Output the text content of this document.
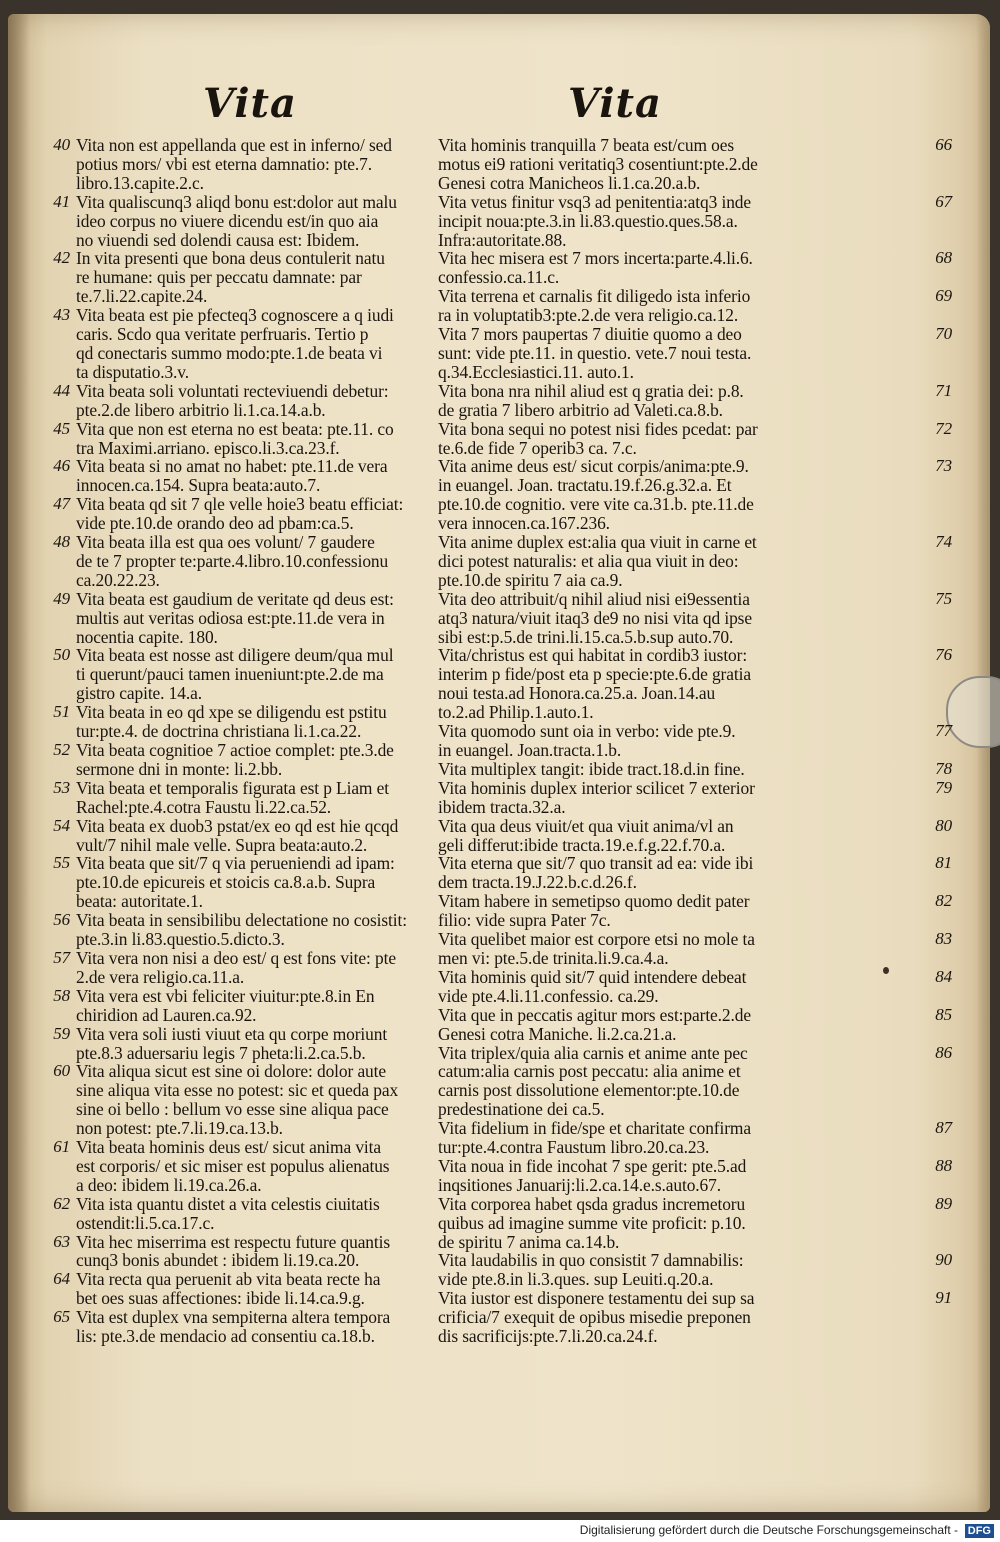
Vita	Vita
40 Vita non est appellanda que est in inferno/ sed
potius mors/ vbi est eterna damnatio: pte.7.
libro.13.capite.2.c.
41 Vita qualiscunq3 aliqd bonu est:dolor aut malu
ideo corpus no viuere dicendu est/in quo aia
no viuendi sed dolendi causa est: Ibidem.
42 In vita presenti que bona deus contulerit natu
re humane: quis per peccatu damnate: par
te.7.li.22.capite.24.
43 Vita beata est pie pfecteq3 cognoscere a q iudi
caris. Scdo qua veritate perfruaris. Tertio p
qd conectaris summo modo:pte.1.de beata vi
ta disputatio.3.v.
44 Vita beata soli voluntati recteviuendi debetur:
pte.2.de libero arbitrio li.1.ca.14.a.b.
45 Vita que non est eterna no est beata: pte.11. co
tra Maximi.arriano. episco.li.3.ca.23.f.
46 Vita beata si no amat no habet: pte.11.de vera
innocen.ca.154. Supra beata:auto.7.
47 Vita beata qd sit 7 qle velle hoie3 beatu efficiat:
vide pte.10.de orando deo ad pbam:ca.5.
48 Vita beata illa est qua oes volunt/ 7 gaudere
de te 7 propter te:parte.4.libro.10.confessionu
ca.20.22.23.
49 Vita beata est gaudium de veritate qd deus est:
multis aut veritas odiosa est:pte.11.de vera in
nocentia capite. 180.
50 Vita beata est nosse ast diligere deum/qua mul
ti querunt/pauci tamen inueniunt:pte.2.de ma
gistro capite. 14.a.
51 Vita beata in eo qd xpe se diligendu est pstitu
tur:pte.4. de doctrina christiana li.1.ca.22.
52 Vita beata cognitioe 7 actioe complet: pte.3.de
sermone dni in monte: li.2.bb.
53 Vita beata et temporalis figurata est p Liam et
Rachel:pte.4.cotra Faustu li.22.ca.52.
54 Vita beata ex duob3 pstat/ex eo qd est hie qcqd
vult/7 nihil male velle. Supra beata:auto.2.
55 Vita beata que sit/7 q via perueniendi ad ipam:
pte.10.de epicureis et stoicis ca.8.a.b. Supra
beata: autoritate.1.
56 Vita beata in sensibilibu delectatione no cosistit:
pte.3.in li.83.questio.5.dicto.3.
57 Vita vera non nisi a deo est/ q est fons vite: pte
2.de vera religio.ca.11.a.
58 Vita vera est vbi feliciter viuitur:pte.8.in En
chiridion ad Lauren.ca.92.
59 Vita vera soli iusti viuut eta qu corpe moriunt
pte.8.3 aduersariu legis 7 pheta:li.2.ca.5.b.
60 Vita aliqua sicut est sine oi dolore: dolor aute
sine aliqua vita esse no potest: sic et queda pax
sine oi bello : bellum vo esse sine aliqua pace
non potest: pte.7.li.19.ca.13.b.
61 Vita beata hominis deus est/ sicut anima vita
est corporis/ et sic miser est populus alienatus
a deo: ibidem li.19.ca.26.a.
62 Vita ista quantu distet a vita celestis ciuitatis
ostendit:li.5.ca.17.c.
63 Vita hec miserrima est respectu future quantis
cunq3 bonis abundet : ibidem li.19.ca.20.
64 Vita recta qua peruenit ab vita beata recte ha
bet oes suas affectiones: ibide li.14.ca.9.g.
65 Vita est duplex vna sempiterna altera tempora
lis: pte.3.de mendacio ad consentiu ca.18.b.
66
Vita hominis tranquilla 7 beata est/cum oes
motus ei9 rationi veritatiq3 cosentiunt:pte.2.de
Genesi cotra Manicheos li.1.ca.20.a.b.
67
Vita vetus finitur vsq3 ad penitentia:atq3 inde
incipit noua:pte.3.in li.83.questio.ques.58.a.
Infra:autoritate.88.
68
Vita hec misera est 7 mors incerta:parte.4.li.6.
confessio.ca.11.c.
69
Vita terrena et carnalis fit diligedo ista inferio
ra in voluptatib3:pte.2.de vera religio.ca.12.
70
Vita 7 mors paupertas 7 diuitie quomo a deo
sunt: vide pte.11. in questio. vete.7 noui testa.
q.34.Ecclesiastici.11. auto.1.
71
Vita bona nra nihil aliud est q gratia dei: p.8.
de gratia 7 libero arbitrio ad Valeti.ca.8.b.
72
Vita bona sequi no potest nisi fides pcedat: par
te.6.de fide 7 operib3 ca. 7.c.
73
Vita anime deus est/ sicut corpis/anima:pte.9.
in euangel. Joan. tractatu.19.f.26.g.32.a. Et
pte.10.de cognitio. vere vite ca.31.b. pte.11.de
vera innocen.ca.167.236.
74
Vita anime duplex est:alia qua viuit in carne et
dici potest naturalis: et alia qua viuit in deo:
pte.10.de spiritu 7 aia ca.9.
75
Vita deo attribuit/q nihil aliud nisi ei9essentia
atq3 natura/viuit itaq3 de9 no nisi vita qd ipse
sibi est:p.5.de trini.li.15.ca.5.b.sup auto.70.
76
Vita/christus est qui habitat in cordib3 iustor:
interim p fide/post eta p specie:pte.6.de gratia
noui testa.ad Honora.ca.25.a. Joan.14.au
to.2.ad Philip.1.auto.1.
77
Vita quomodo sunt oia in verbo: vide pte.9.
in euangel. Joan.tracta.1.b.
78
Vita multiplex tangit: ibide tract.18.d.in fine.
79
Vita hominis duplex interior scilicet 7 exterior
ibidem tracta.32.a.
80
Vita qua deus viuit/et qua viuit anima/vl an
geli differut:ibide tracta.19.e.f.g.22.f.70.a.
81
Vita eterna que sit/7 quo transit ad ea: vide ibi
dem tracta.19.J.22.b.c.d.26.f.
82
Vitam habere in semetipso quomo dedit pater
filio: vide supra Pater 7c.
83
Vita quelibet maior est corpore etsi no mole ta
men vi: pte.5.de trinita.li.9.ca.4.a.
84
Vita hominis quid sit/7 quid intendere debeat
vide pte.4.li.11.confessio. ca.29.
85
Vita que in peccatis agitur mors est:parte.2.de
Genesi cotra Maniche. li.2.ca.21.a.
86
Vita triplex/quia alia carnis et anime ante pec
catum:alia carnis post peccatu: alia anime et
carnis post dissolutione elementor:pte.10.de
predestinatione dei ca.5.
87
Vita fidelium in fide/spe et charitate confirma
tur:pte.4.contra Faustum libro.20.ca.23.
88
Vita noua in fide incohat 7 spe gerit: pte.5.ad
inqsitiones Januarij:li.2.ca.14.e.s.auto.67.
89
Vita corporea habet qsda gradus incremetoru
quibus ad imagine summe vite proficit: p.10.
de spiritu 7 anima ca.14.b.
90
Vita laudabilis in quo consistit 7 damnabilis:
vide pte.8.in li.3.ques. sup Leuiti.q.20.a.
91
Vita iustor est disponere testamentu dei sup sa
crificia/7 exequit de opibus misedie preponen
dis sacrificijs:pte.7.li.20.ca.24.f.
Digitalisierung gefördert durch die Deutsche Forschungsgemeinschaft - DFG
